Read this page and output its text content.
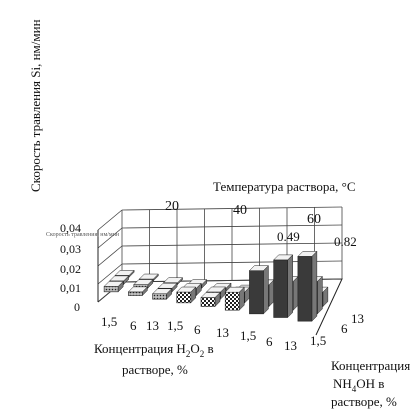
Скорость травления Si, нм/мин
Скорость травления, нм/мин
Температура раствора, °С
20	40
60
0.49	0.82
0,04
0,03
0,02
0,01
0
1,5 6 13 1,5 6 13 1,5 6 13 1,5
6
13
Концентрация $H_2O_2$ в
растворе, %	Концентрация
$NH_4OH$ в
растворе, %
